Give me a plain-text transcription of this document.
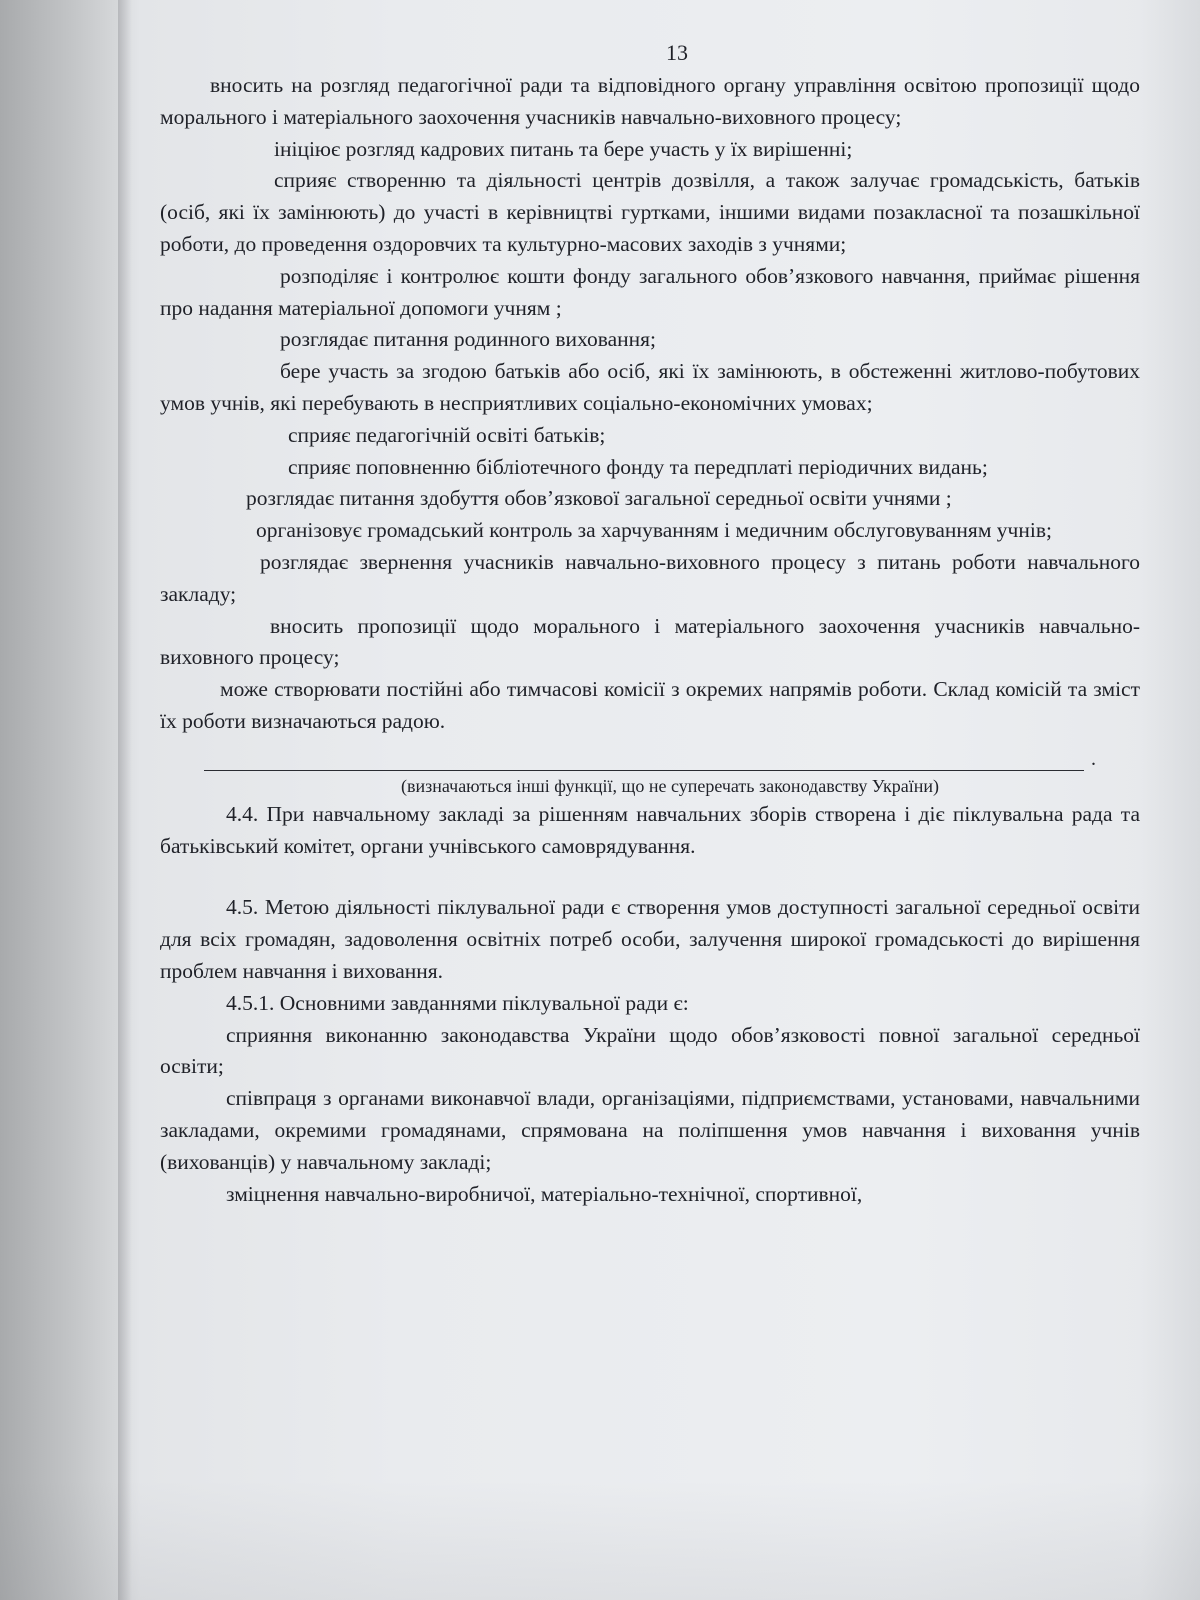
13

вносить на розгляд педагогічної ради та відповідного органу управління освітою пропозиції щодо морального і матеріального заохочення учасників навчально-виховного процесу;

ініціює розгляд кадрових питань та бере участь у їх вирішенні;

сприяє створенню та діяльності центрів дозвілля, а також залучає громадськість, батьків (осіб, які їх замінюють) до участі в керівництві гуртками, іншими видами позакласної та позашкільної роботи, до проведення оздоровчих та культурно-масових заходів з учнями;

розподіляє і контролює кошти фонду загального обов’язкового навчання, приймає рішення про надання матеріальної допомоги учням ;

розглядає питання родинного виховання;

бере участь за згодою батьків або осіб, які їх замінюють, в обстеженні житлово-побутових умов учнів, які перебувають в несприятливих соціально-економічних умовах;

сприяє педагогічній освіті батьків;

сприяє поповненню бібліотечного фонду та передплаті періодичних видань;

розглядає питання здобуття обов’язкової загальної середньої освіти учнями ;

організовує громадський контроль за харчуванням і медичним обслуговуванням учнів;

розглядає звернення учасників навчально-виховного процесу з питань роботи навчального закладу;

вносить пропозиції щодо морального і матеріального заохочення учасників навчально-виховного процесу;

може створювати постійні або тимчасові комісії з окремих напрямів роботи. Склад комісій та зміст їх роботи визначаються радою.

.

(визначаються інші функції, що не суперечать законодавству України)

4.4. При навчальному закладі за рішенням навчальних зборів створена і діє піклувальна рада та батьківський комітет, органи учнівського самоврядування.

4.5. Метою діяльності піклувальної ради є створення умов доступності загальної середньої освіти для всіх громадян, задоволення освітніх потреб особи, залучення широкої громадськості до вирішення проблем навчання і виховання.

4.5.1. Основними завданнями піклувальної ради є:

сприяння виконанню законодавства України щодо обов’язковості повної загальної середньої освіти;

співпраця з органами виконавчої влади, організаціями, підприємствами, установами, навчальними закладами, окремими громадянами, спрямована на поліпшення умов навчання і виховання учнів (вихованців) у навчальному закладі;

зміцнення навчально-виробничої, матеріально-технічної, спортивної,
